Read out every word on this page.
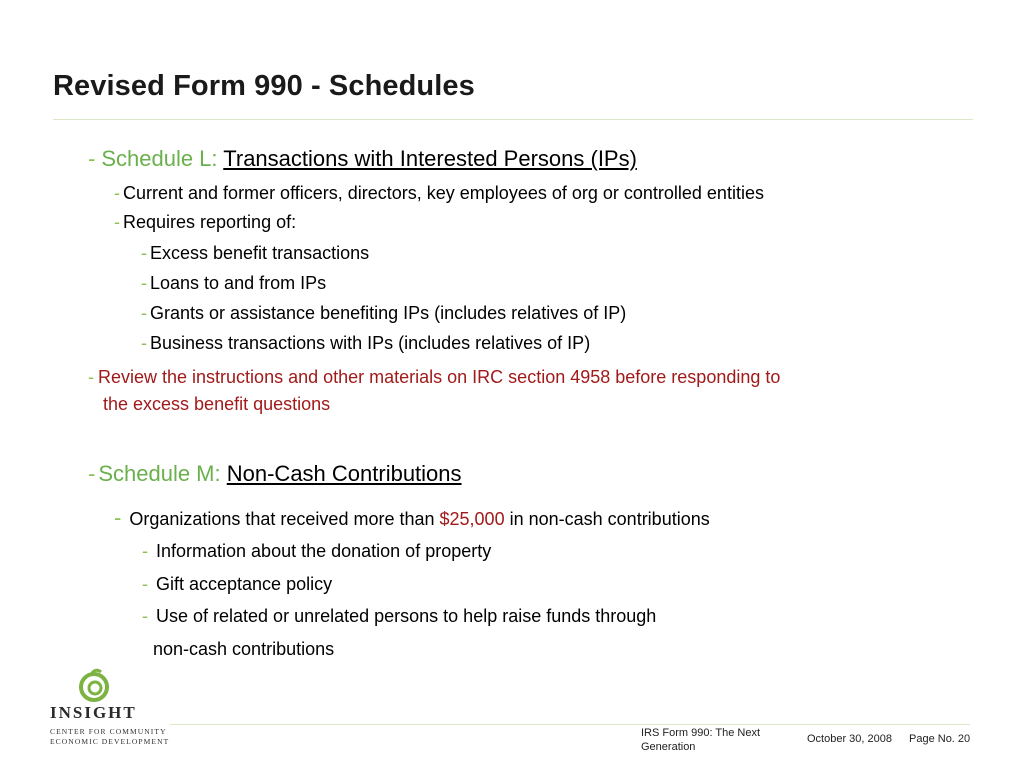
Revised Form 990 - Schedules
- Schedule L: Transactions with Interested Persons (IPs)
- Current and former officers, directors, key employees of org or controlled entities
- Requires reporting of:
- Excess benefit transactions
- Loans to and from IPs
- Grants or assistance benefiting IPs (includes relatives of IP)
- Business transactions with IPs (includes relatives of IP)
- Review the instructions and other materials on IRC section 4958 before responding to
the excess benefit questions
- Schedule M: Non-Cash Contributions
- Organizations that received more than $25,000 in non-cash contributions
- Information about the donation of property
- Gift acceptance policy
- Use of related or unrelated persons to help raise funds through
non-cash contributions
INSIGHT
CENTER FOR COMMUNITY
ECONOMIC DEVELOPMENT
IRS Form 990: The Next
Generation
October 30, 2008 Page No. 20
